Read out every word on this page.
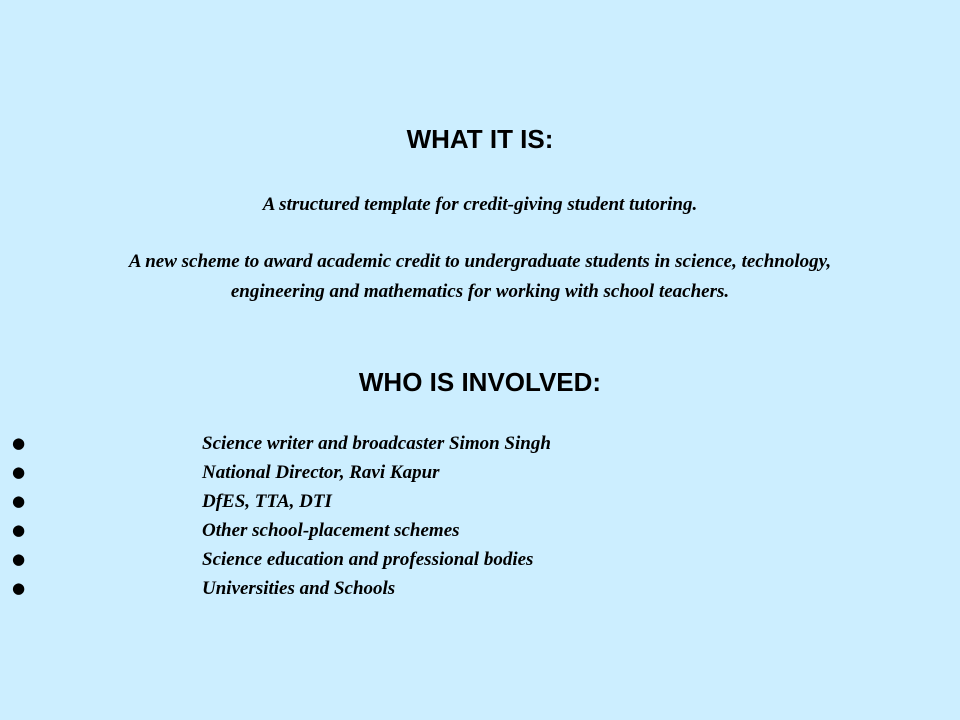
WHAT IT IS:

A structured template for credit-giving student tutoring.

A new scheme to award academic credit to undergraduate students in science, technology,
engineering and mathematics for working with school teachers.

WHO IS INVOLVED:
●	Science writer and broadcaster Simon Singh
●	National Director, Ravi Kapur
●	DfES, TTA, DTI
●	Other school-placement schemes
●	Science education and professional bodies
●	Universities and Schools
